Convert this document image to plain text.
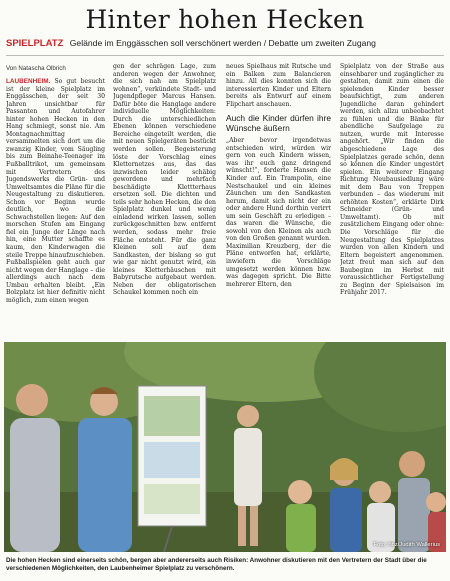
Hinter hohen Hecken
SPIELPLATZ Gelände im Enggässchen soll verschönert werden / Debatte um zweiten Zugang
Von Natascha Olbrich

LAUBENHEIM. So gut besucht ist der kleine Spielplatz im Enggässchen, der seit 30 Jahren unsichtbar für Passanten und Autofahrer hinter hohen Hecken in den Hang schmiegt, sonst nie. Am Montagnachmittag versammelten sich dort um die zwanzig Kinder, vom Säugling bis zum Beinahe-Teenager im Fußballtrikot, um gemeinsam mit Vertretern des Jugendswerks die Grün- und Umweltsamtes die Pläne für die Neugestaltung zu diskutieren. Schon vor Beginn wurde deutlich, wo die Schwachstellen liegen: Auf den morschen Stufen am Eingang fiel ein Junge der Länge nach hin, eine Mutter schaffte es kaum, den Kinderwagen die steile Treppe hinaufzuschieben. Fußballspielen geht auch gar nicht wegen der Hanglage – die allerdings auch nach dem Umbau erhalten bleibt. „Ein Bolzplatz ist hier definitiv nicht möglich, zum einen wegen

gen der schrägen Lage, zum anderen wegen der Anwohner, die sich nah am Spielplatz wohnen“, verkündete Stadt- und Jugendpfleger Marcus Hansen. Dafür böte die Hanglage andere individuelle Möglichkeiten: Durch die unterschiedlichen Ebenen können verschiedene Bereiche eingeteilt werden, die mit neuen Spielgeräten bestückt werden sollen. Begeisterung löste der Vorschlag eines Kletternetzes aus, das das inzwischen leider schäbig gewordene und mehrfach beschädigte Klettterhaus ersetzen soll. Die dichten und teils sehr hohen Hecken, die den Spielplatz dunkel und wenig einladend wirken lassen, sollen zurückgeschnitten bzw. entfernt werden, sodass mehr freie Fläche entsteht. Für die ganz Kleinen soll auf dem Sandkasten, der bislang so gut wie gar nicht genutzt wird, ein kleines Kletterhäuschen mit Babyrutsche aufgebaut werden. Neben der obligatorischen Schaukel kommen noch ein

neues Spielhaus mit Rutsche und ein Balken zum Balancieren hinzu. All dies konnten sich die interessierten Kinder und Eltern bereits als Entwurf auf einem Flipchart anschauen.

Auch die Kinder dürfen ihre Wünsche äußern

„Aber bevor irgendetwas entschieden wird, würden wir gern von euch Kindern wissen, was ihr euch ganz dringend wünscht!“, forderte Hansen die Kinder auf. Ein Trampolin, eine Nestschaukel und ein kleines Zäunchen um den Sandkasten herum, damit sich nicht der ein oder andere Hund dorthin verirrt um sein Geschäft zu erledigen – das waren die Wünsche, die sowohl von den Kleinen als auch von den Großen genannt wurden. Maximilian Kreuzberg, der die Pläne entworfen hat, erklärte, inwiefern die Vorschläge umgesetzt werden können bzw. was dagegen spricht. Die Bitte mehrerer Eltern, den

Spielplatz von der Straße aus einsehbarer und zugänglicher zu gestalten, damit zum einen die spielenden Kinder besser beaufsichtigt, zum anderen Jugendliche daran gehindert werden, sich allzu unbeobachtet zu fühlen und die Bänke für abendliche Saufgelage zu nutzen, wurde mit Interesse angehört. „Wir finden die abgeschiedene Lage des Spielplatzes gerade schön, denn so können die Kinder ungestört spielen. Ein weiterer Eingang Richtung Neubausiedlung wäre mit dem Bau von Treppen verbunden – das wiederum mit erhöhten Kosten“, erklärte Dirk Schneider (Grün- und Umweltamt). Ob mit zusätzlichem Eingang oder ohne: Die Vorschläge für die Neugestaltung des Spielplatzes wurden von allen Kindern und Eltern begeistert angenommen. Jetzt freut man sich auf den Baubeginn im Herbst mit voraussichtlicher Fertigstellung zu Beginn der Spielsaison im Frühjahr 2017.

Foto: hbz/Judith Wallerius
Die hohen Hecken sind einerseits schön, bergen aber andererseits auch Risiken: Anwohner diskutieren mit den Vertretern der Stadt über die verschiedenen Möglichkeiten, den Laubenheimer Spielplatz zu verschönern.
